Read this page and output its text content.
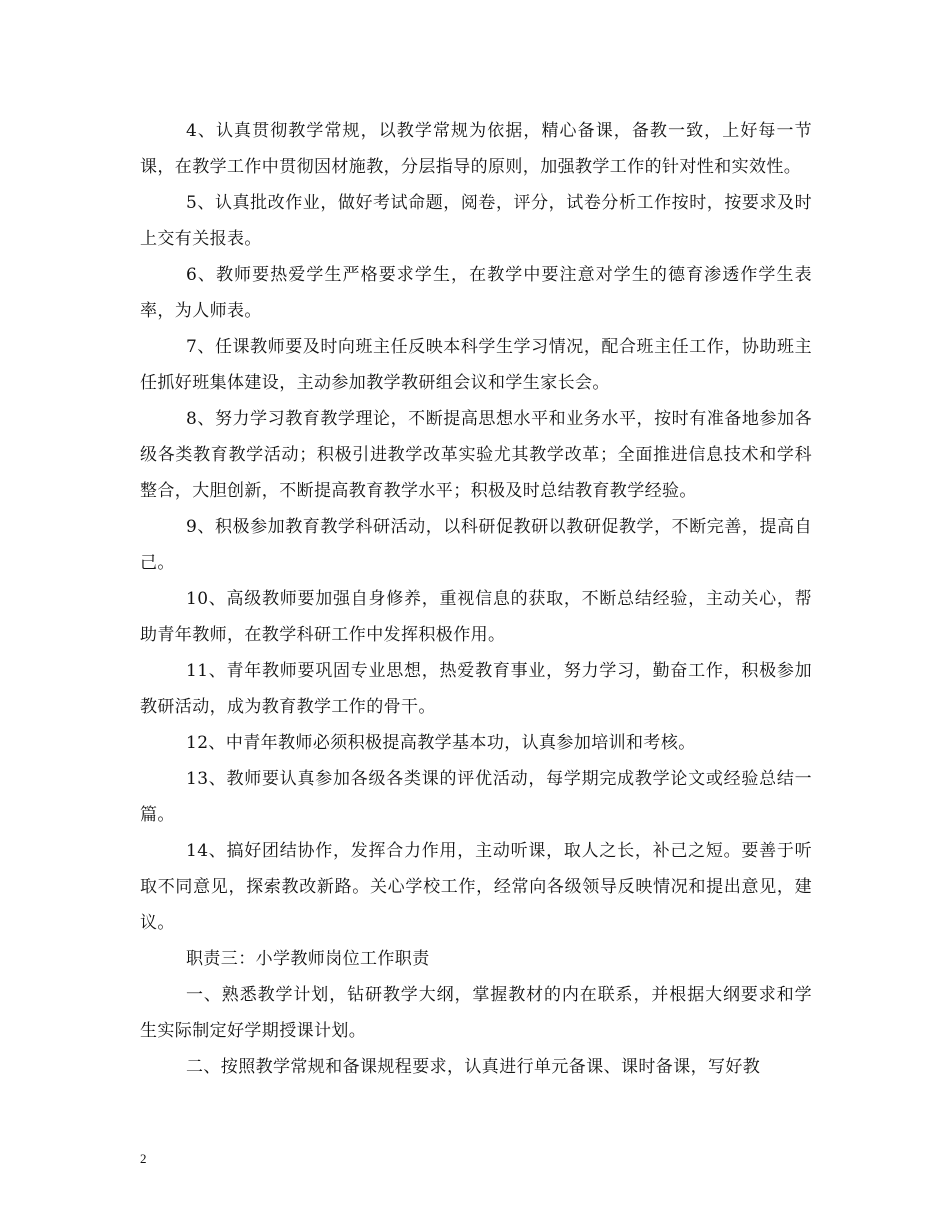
4、认真贯彻教学常规，以教学常规为依据，精心备课，备教一致，上好每一节课，在教学工作中贯彻因材施教，分层指导的原则，加强教学工作的针对性和实效性。

5、认真批改作业，做好考试命题，阅卷，评分，试卷分析工作按时，按要求及时上交有关报表。

6、教师要热爱学生严格要求学生，在教学中要注意对学生的德育渗透作学生表率，为人师表。

7、任课教师要及时向班主任反映本科学生学习情况，配合班主任工作，协助班主任抓好班集体建设，主动参加教学教研组会议和学生家长会。

8、努力学习教育教学理论，不断提高思想水平和业务水平，按时有准备地参加各级各类教育教学活动；积极引进教学改革实验尤其教学改革；全面推进信息技术和学科整合，大胆创新，不断提高教育教学水平；积极及时总结教育教学经验。

9、积极参加教育教学科研活动，以科研促教研以教研促教学，不断完善，提高自己。

10、高级教师要加强自身修养，重视信息的获取，不断总结经验，主动关心，帮助青年教师，在教学科研工作中发挥积极作用。

11、青年教师要巩固专业思想，热爱教育事业，努力学习，勤奋工作，积极参加教研活动，成为教育教学工作的骨干。

12、中青年教师必须积极提高教学基本功，认真参加培训和考核。

13、教师要认真参加各级各类课的评优活动，每学期完成教学论文或经验总结一篇。

14、搞好团结协作，发挥合力作用，主动听课，取人之长，补己之短。要善于听取不同意见，探索教改新路。关心学校工作，经常向各级领导反映情况和提出意见，建议。

职责三：小学教师岗位工作职责

一、熟悉教学计划，钻研教学大纲，掌握教材的内在联系，并根据大纲要求和学生实际制定好学期授课计划。

二、按照教学常规和备课规程要求，认真进行单元备课、课时备课，写好教

2
